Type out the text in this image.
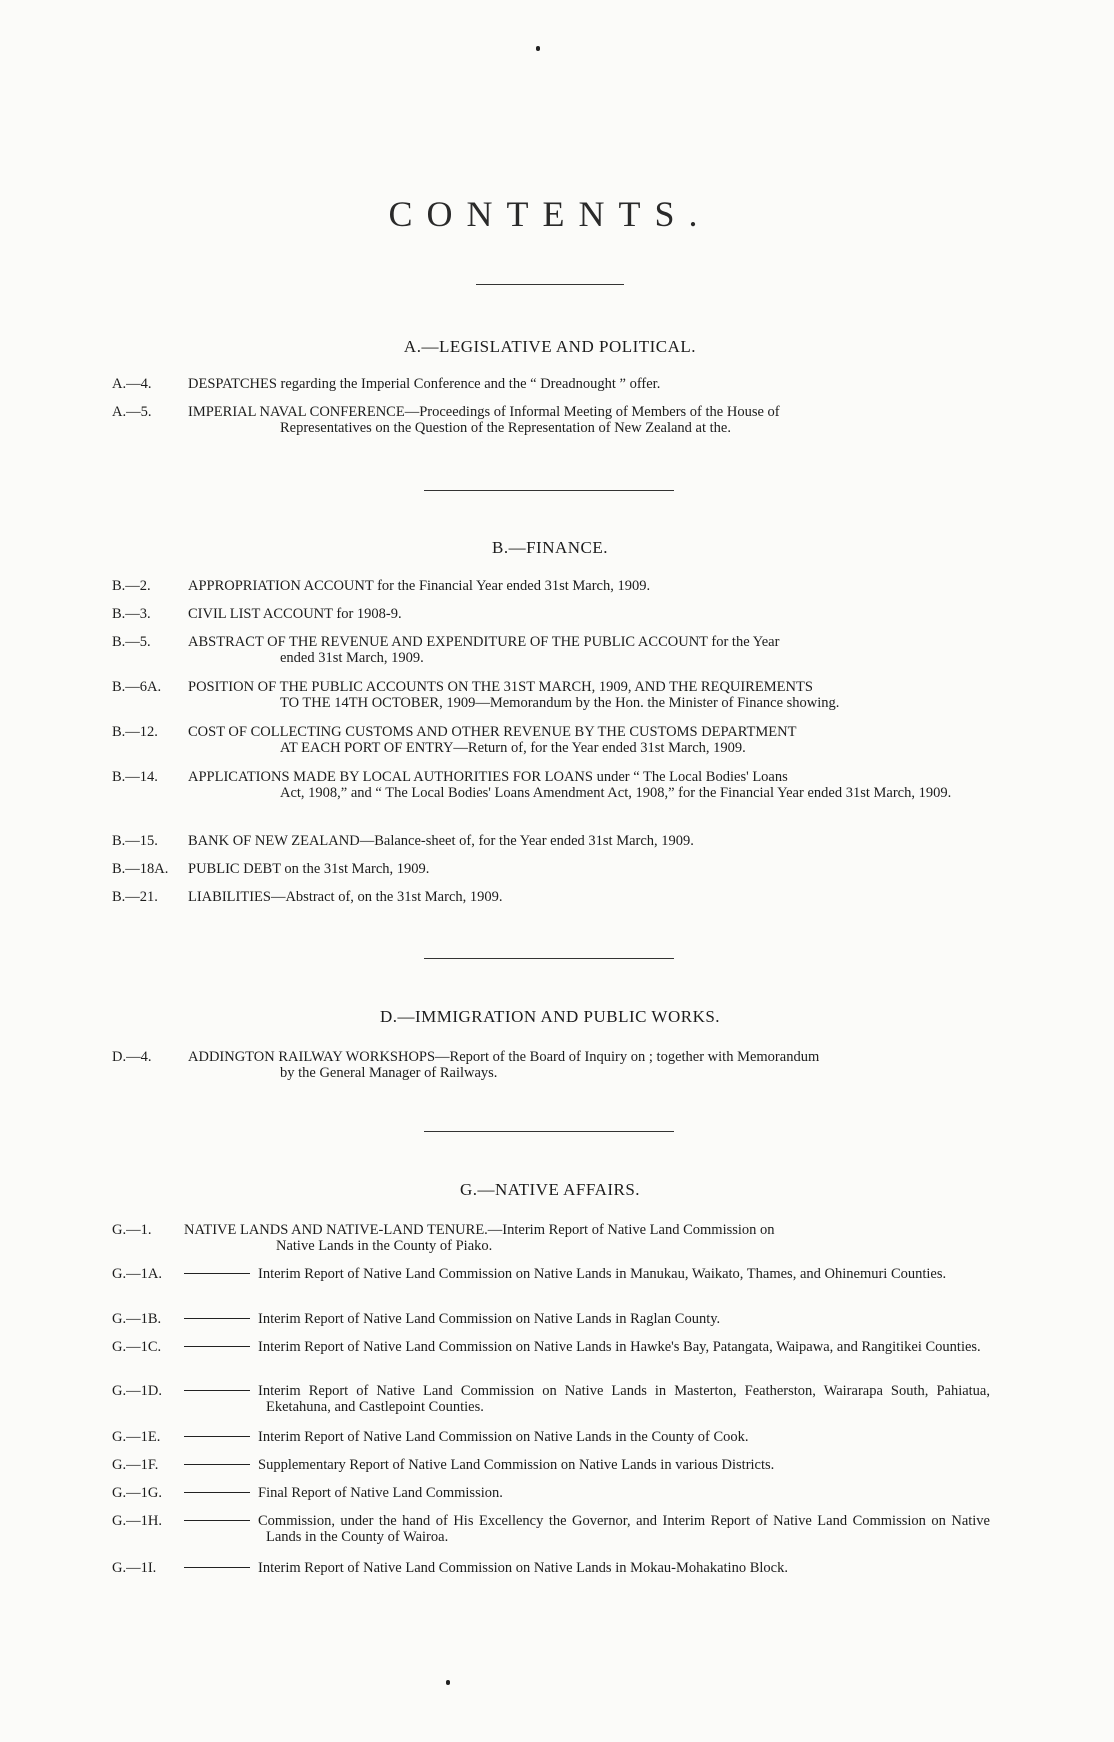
CONTENTS.
A.—LEGISLATIVE AND POLITICAL.
A.—4.	DESPATCHES regarding the Imperial Conference and the “ Dreadnought ” offer.
A.—5.	IMPERIAL NAVAL CONFERENCE—Proceedings of Informal Meeting of Members of the House of
Representatives on the Question of the Representation of New Zealand at the.
B.—FINANCE.
B.—2.	APPROPRIATION ACCOUNT for the Financial Year ended 31st March, 1909.
B.—3.	CIVIL LIST ACCOUNT for 1908-9.
B.—5.	ABSTRACT OF THE REVENUE AND EXPENDITURE OF THE PUBLIC ACCOUNT for the Year
ended 31st March, 1909.
B.—6A.	POSITION OF THE PUBLIC ACCOUNTS ON THE 31ST MARCH, 1909, AND THE REQUIREMENTS
TO THE 14TH OCTOBER, 1909—Memorandum by the Hon. the Minister of Finance showing.
B.—12.	COST OF COLLECTING CUSTOMS AND OTHER REVENUE BY THE CUSTOMS DEPARTMENT
AT EACH PORT OF ENTRY—Return of, for the Year ended 31st March, 1909.
B.—14.	APPLICATIONS MADE BY LOCAL AUTHORITIES FOR LOANS under “ The Local Bodies' Loans
Act, 1908,” and “ The Local Bodies' Loans Amendment Act, 1908,” for the Financial Year ended 31st March, 1909.
B.—15.	BANK OF NEW ZEALAND—Balance-sheet of, for the Year ended 31st March, 1909.
B.—18A.	PUBLIC DEBT on the 31st March, 1909.
B.—21.	LIABILITIES—Abstract of, on the 31st March, 1909.
D.—IMMIGRATION AND PUBLIC WORKS.
D.—4.	ADDINGTON RAILWAY WORKSHOPS—Report of the Board of Inquiry on ; together with Memorandum
by the General Manager of Railways.
G.—NATIVE AFFAIRS.
G.—1.	NATIVE LANDS AND NATIVE-LAND TENURE.—Interim Report of Native Land Commission on
Native Lands in the County of Piako.
G.—1A.	Interim Report of Native Land Commission on Native Lands in Manukau, Waikato, Thames, and Ohinemuri Counties.
G.—1B.	Interim Report of Native Land Commission on Native Lands in Raglan County.
G.—1C.	Interim Report of Native Land Commission on Native Lands in Hawke's Bay, Patangata, Waipawa, and Rangitikei Counties.
G.—1D.	Interim Report of Native Land Commission on Native Lands in Masterton, Featherston, Wairarapa South, Pahiatua, Eketahuna, and Castlepoint Counties.
G.—1E.	Interim Report of Native Land Commission on Native Lands in the County of Cook.
G.—1F.	Supplementary Report of Native Land Commission on Native Lands in various Districts.
G.—1G.	Final Report of Native Land Commission.
G.—1H.	Commission, under the hand of His Excellency the Governor, and Interim Report of Native Land Commission on Native Lands in the County of Wairoa.
G.—1I.	Interim Report of Native Land Commission on Native Lands in Mokau-Mohakatino Block.
